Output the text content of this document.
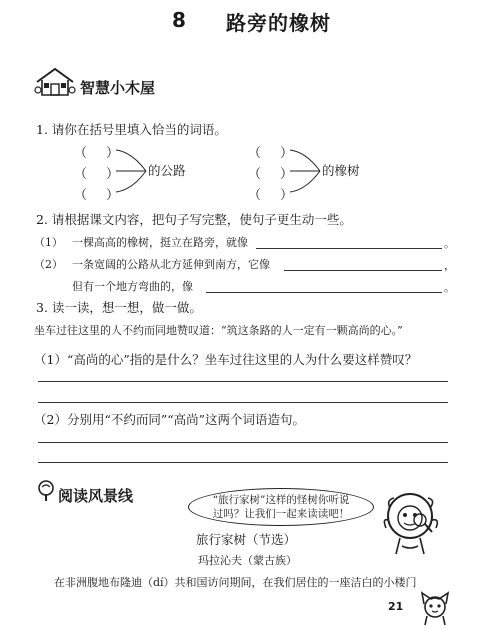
8 路旁的橡树
智慧小木屋
1. 请你在括号里填入恰当的词语。
（ ）
（ ）
（ ）
的公路
（ ）
（ ）
（ ）
的橡树
2. 请根据课文内容，把句子写完整，使句子更生动一些。
（1） 一棵高高的橡树，挺立在路旁，就像	。
（2） 一条宽阔的公路从北方延伸到南方，它像	，
但有一个地方弯曲的，像	。
3. 读一读，想一想，做一做。
坐车过往这里的人不约而同地赞叹道：“筑这条路的人一定有一颗高尚的心。”
（1）“高尚的心”指的是什么？坐车过往这里的人为什么要这样赞叹？
（2）分别用“不约而同”“高尚”这两个词语造句。
阅读风景线	“旅行家树”这样的怪树你听说
过吗？让我们一起来读读吧！
旅行家树（节选）
玛拉沁夫（蒙古族）
在非洲腹地布隆迪（dí）共和国访问期间，在我们居住的一座洁白的小楼门
21
